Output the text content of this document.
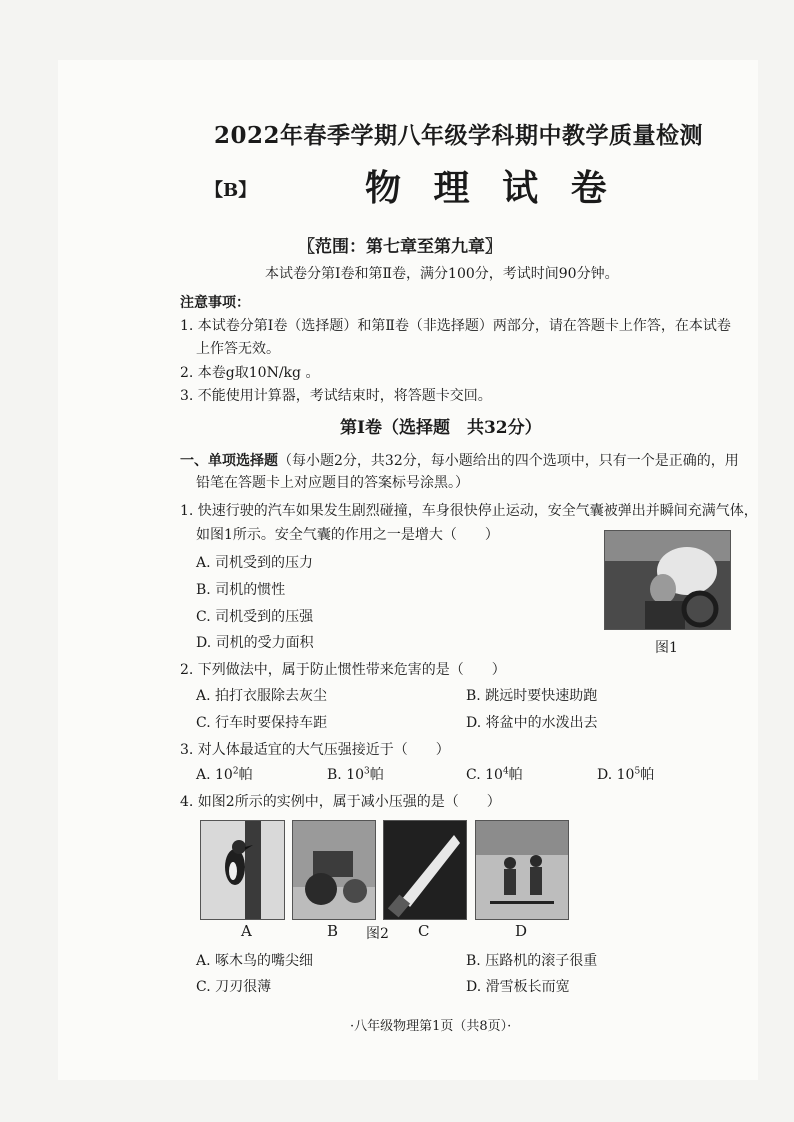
2022年春季学期八年级学科期中教学质量检测
【B】	物 理 试 卷
〖范围：第七章至第九章〗
本试卷分第Ⅰ卷和第Ⅱ卷，满分100分，考试时间90分钟。
注意事项：
1. 本试卷分第Ⅰ卷（选择题）和第Ⅱ卷（非选择题）两部分，请在答题卡上作答，在本试卷
上作答无效。
2. 本卷g取10N/kg 。
3. 不能使用计算器，考试结束时，将答题卡交回。
第Ⅰ卷（选择题　共32分）
一、单项选择题（每小题2分，共32分，每小题给出的四个选项中，只有一个是正确的，用
铅笔在答题卡上对应题目的答案标号涂黑。）
1. 快速行驶的汽车如果发生剧烈碰撞，车身很快停止运动，安全气囊被弹出并瞬间充满气体，
如图1所示。安全气囊的作用之一是增大（　　）
A. 司机受到的压力
B. 司机的惯性
C. 司机受到的压强
D. 司机的受力面积	图1
2. 下列做法中，属于防止惯性带来危害的是（　　）
A. 拍打衣服除去灰尘	B. 跳远时要快速助跑
C. 行车时要保持车距	D. 将盆中的水泼出去
3. 对人体最适宜的大气压强接近于（　　）
A. $10^2$帕	B. $10^3$帕	C. $10^4$帕	D. $10^5$帕
4. 如图2所示的实例中，属于减小压强的是（　　）
A	B 图2 C	D
A. 啄木鸟的嘴尖细	B. 压路机的滚子很重
C. 刀刃很薄	D. 滑雪板长而宽
·八年级物理第1页（共8页）·
